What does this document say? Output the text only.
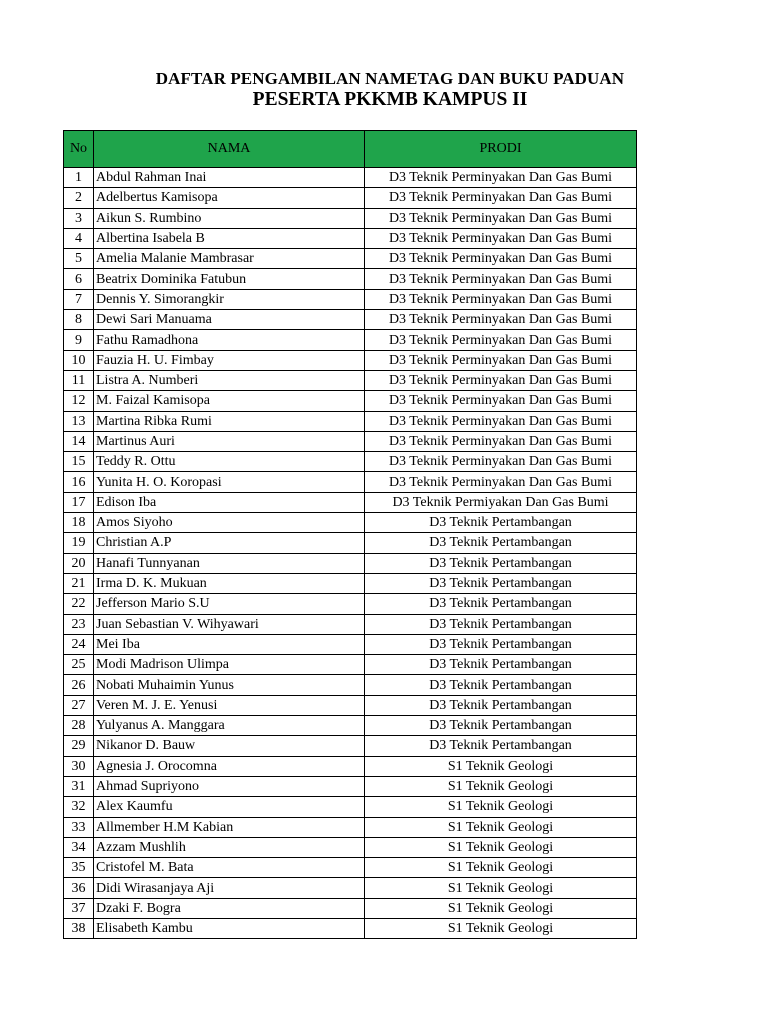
DAFTAR PENGAMBILAN NAMETAG DAN BUKU PADUAN
PESERTA PKKMB KAMPUS II
No	NAMA	PRODI
1	Abdul Rahman Inai	D3 Teknik Perminyakan Dan Gas Bumi
2	Adelbertus Kamisopa	D3 Teknik Perminyakan Dan Gas Bumi
3	Aikun S. Rumbino	D3 Teknik Perminyakan Dan Gas Bumi
4	Albertina Isabela B	D3 Teknik Perminyakan Dan Gas Bumi
5	Amelia Malanie Mambrasar	D3 Teknik Perminyakan Dan Gas Bumi
6	Beatrix Dominika Fatubun	D3 Teknik Perminyakan Dan Gas Bumi
7	Dennis Y. Simorangkir	D3 Teknik Perminyakan Dan Gas Bumi
8	Dewi Sari Manuama	D3 Teknik Perminyakan Dan Gas Bumi
9	Fathu Ramadhona	D3 Teknik Perminyakan Dan Gas Bumi
10	Fauzia H. U. Fimbay	D3 Teknik Perminyakan Dan Gas Bumi
11	Listra A. Numberi	D3 Teknik Perminyakan Dan Gas Bumi
12	M. Faizal Kamisopa	D3 Teknik Perminyakan Dan Gas Bumi
13	Martina Ribka Rumi	D3 Teknik Perminyakan Dan Gas Bumi
14	Martinus Auri	D3 Teknik Perminyakan Dan Gas Bumi
15	Teddy R. Ottu	D3 Teknik Perminyakan Dan Gas Bumi
16	Yunita H. O. Koropasi	D3 Teknik Perminyakan Dan Gas Bumi
17	Edison Iba	D3 Teknik Permiyakan Dan Gas Bumi
18	Amos Siyoho	D3 Teknik Pertambangan
19	Christian A.P	D3 Teknik Pertambangan
20	Hanafi Tunnyanan	D3 Teknik Pertambangan
21	Irma D. K. Mukuan	D3 Teknik Pertambangan
22	Jefferson Mario S.U	D3 Teknik Pertambangan
23	Juan Sebastian V. Wihyawari	D3 Teknik Pertambangan
24	Mei Iba	D3 Teknik Pertambangan
25	Modi Madrison Ulimpa	D3 Teknik Pertambangan
26	Nobati Muhaimin Yunus	D3 Teknik Pertambangan
27	Veren M. J. E. Yenusi	D3 Teknik Pertambangan
28	Yulyanus A. Manggara	D3 Teknik Pertambangan
29	Nikanor D. Bauw	D3 Teknik Pertambangan
30	Agnesia J. Orocomna	S1 Teknik Geologi
31	Ahmad Supriyono	S1 Teknik Geologi
32	Alex Kaumfu	S1 Teknik Geologi
33	Allmember H.M Kabian	S1 Teknik Geologi
34	Azzam Mushlih	S1 Teknik Geologi
35	Cristofel M. Bata	S1 Teknik Geologi
36	Didi Wirasanjaya Aji	S1 Teknik Geologi
37	Dzaki F. Bogra	S1 Teknik Geologi
38	Elisabeth Kambu	S1 Teknik Geologi
